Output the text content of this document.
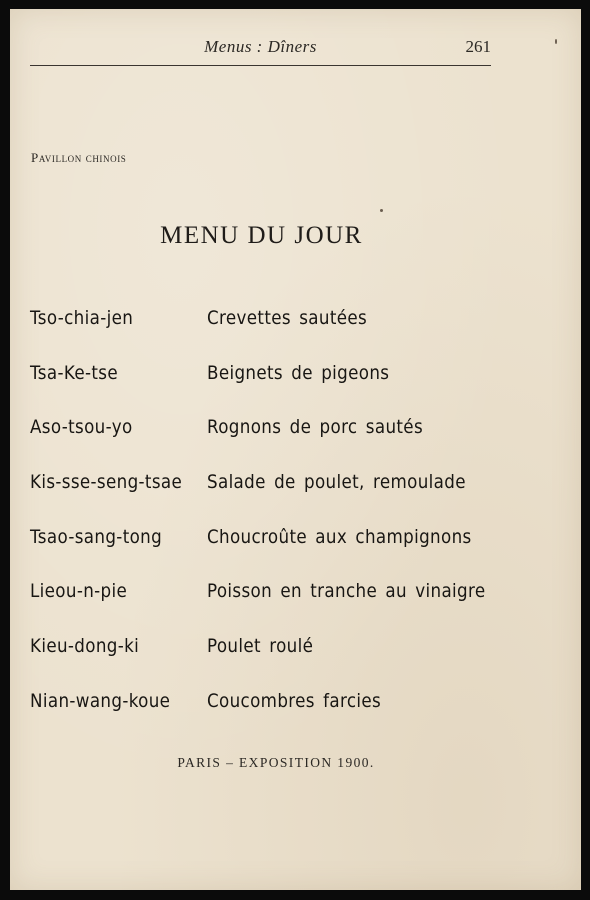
Menus : Dîners	261
Pavillon chinois
MENU DU JOUR
Tso-chia-jen	Crevettes sautées
Tsa-Ke-tse	Beignets de pigeons
Aso-tsou-yo	Rognons de porc sautés
Kis-sse-seng-tsae Salade de poulet, remoulade
Tsao-sang-tong Choucroûte aux champignons
Lieou-n-pie	Poisson en tranche au vinaigre
Kieu-dong-ki	Poulet roulé
Nian-wang-koue Coucombres farcies
PARIS – EXPOSITION 1900.
